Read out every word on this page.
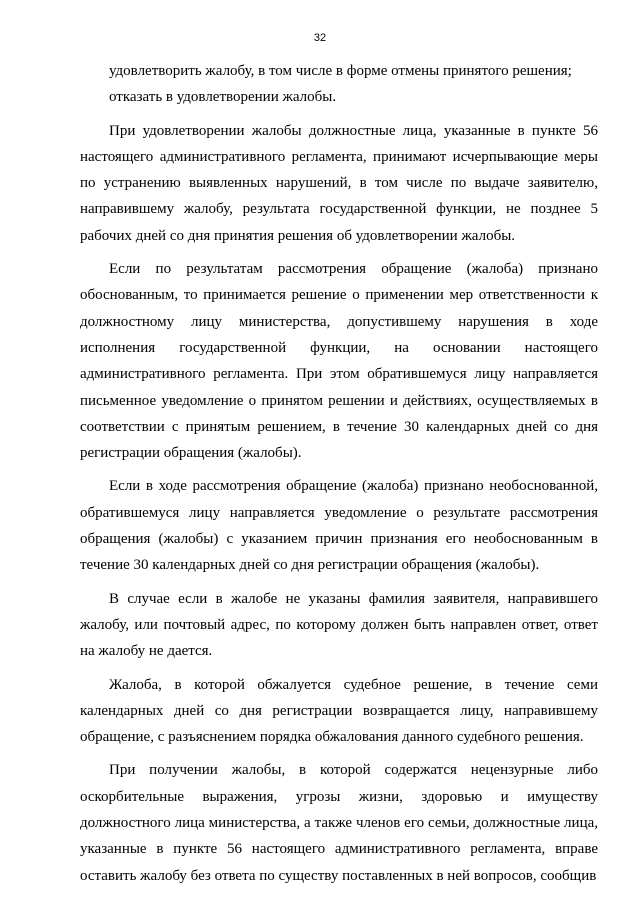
32

удовлетворить жалобу, в том числе в форме отмены принятого решения;

отказать в удовлетворении жалобы.

При удовлетворении жалобы должностные лица, указанные в пункте 56 настоящего административного регламента, принимают исчерпывающие меры по устранению выявленных нарушений, в том числе по выдаче заявителю, направившему жалобу, результата государственной функции, не позднее 5 рабочих дней со дня принятия решения об удовлетворении жалобы.

Если по результатам рассмотрения обращение (жалоба) признано обоснованным, то принимается решение о применении мер ответственности к должностному лицу министерства, допустившему нарушения в ходе исполнения государственной функции, на основании настоящего административного регламента. При этом обратившемуся лицу направляется письменное уведомление о принятом решении и действиях, осуществляемых в соответствии с принятым решением, в течение 30 календарных дней со дня регистрации обращения (жалобы).

Если в ходе рассмотрения обращение (жалоба) признано необоснованной, обратившемуся лицу направляется уведомление о результате рассмотрения обращения (жалобы) с указанием причин признания его необоснованным в течение 30 календарных дней со дня регистрации обращения (жалобы).

В случае если в жалобе не указаны фамилия заявителя, направившего жалобу, или почтовый адрес, по которому должен быть направлен ответ, ответ на жалобу не дается.

Жалоба, в которой обжалуется судебное решение, в течение семи календарных дней со дня регистрации возвращается лицу, направившему обращение, с разъяснением порядка обжалования данного судебного решения.

При получении жалобы, в которой содержатся нецензурные либо оскорбительные выражения, угрозы жизни, здоровью и имуществу должностного лица министерства, а также членов его семьи, должностные лица, указанные в пункте 56 настоящего административного регламента, вправе оставить жалобу без ответа по существу поставленных в ней вопросов, сообщив
